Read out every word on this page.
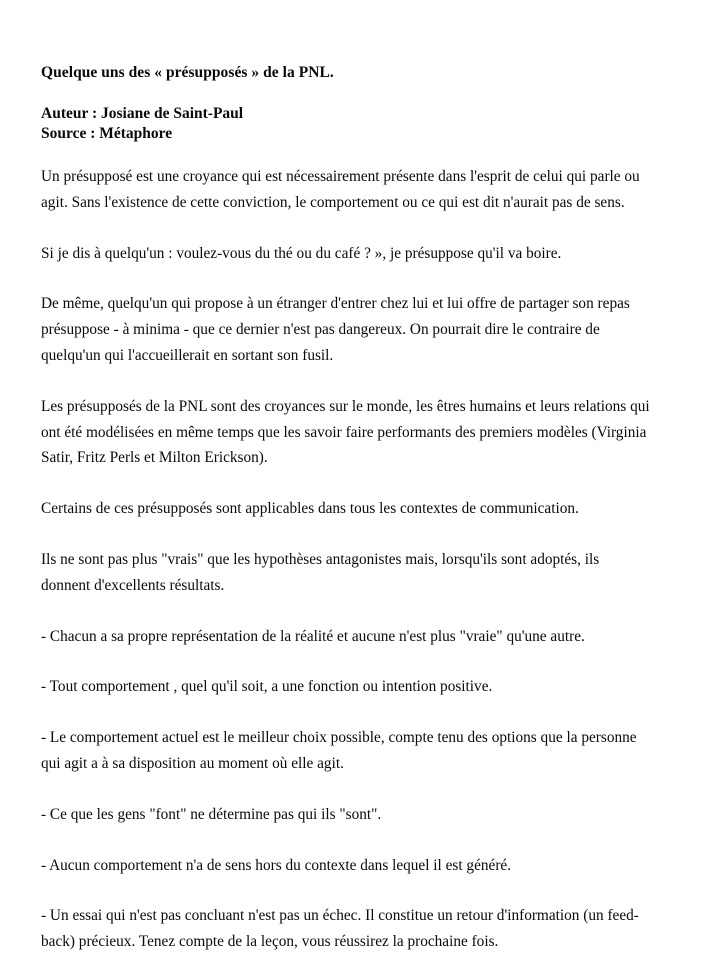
Quelque uns des « présupposés » de la PNL.
Auteur : Josiane de Saint-Paul
Source : Métaphore

Un présupposé est une croyance qui est nécessairement présente dans l'esprit de celui qui parle ou agit. Sans l'existence de cette conviction, le comportement ou ce qui est dit n'aurait pas de sens.

Si je dis à quelqu'un : voulez-vous du thé ou du café ? », je présuppose qu'il va boire.

De même, quelqu'un qui propose à un étranger d'entrer chez lui et lui offre de partager son repas présuppose - à minima - que ce dernier n'est pas dangereux. On pourrait dire le contraire de quelqu'un qui l'accueillerait en sortant son fusil.

Les présupposés de la PNL sont des croyances sur le monde, les êtres humains et leurs relations qui ont été modélisées en même temps que les savoir faire performants des premiers modèles (Virginia Satir, Fritz Perls et Milton Erickson).

Certains de ces présupposés sont applicables dans tous les contextes de communication.

Ils ne sont pas plus "vrais" que les hypothèses antagonistes mais, lorsqu'ils sont adoptés, ils donnent d'excellents résultats.

- Chacun a sa propre représentation de la réalité et aucune n'est plus "vraie" qu'une autre.

- Tout comportement , quel qu'il soit, a une fonction ou intention positive.

- Le comportement actuel est le meilleur choix possible, compte tenu des options que la personne qui agit a à sa disposition au moment où elle agit.

- Ce que les gens "font" ne détermine pas qui ils "sont".

- Aucun comportement n'a de sens hors du contexte dans lequel il est généré.

- Un essai qui n'est pas concluant n'est pas un échec. Il constitue un retour d'information (un feed-back) précieux. Tenez compte de la leçon, vous réussirez la prochaine fois.
